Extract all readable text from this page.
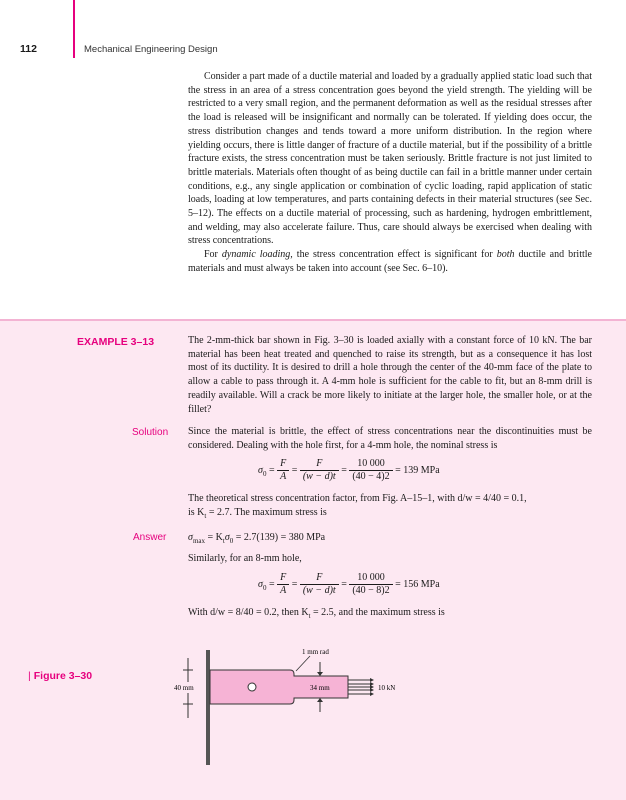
112	Mechanical Engineering Design

Consider a part made of a ductile material and loaded by a gradually applied static load such that the stress in an area of a stress concentration goes beyond the yield strength. The yielding will be restricted to a very small region, and the permanent deformation as well as the residual stresses after the load is released will be insignificant and normally can be tolerated. If yielding does occur, the stress distribution changes and tends toward a more uniform distribution. In the region where yielding occurs, there is little danger of fracture of a ductile material, but if the possibility of a brittle fracture exists, the stress concentration must be taken seriously. Brittle fracture is not just limited to brittle materials. Materials often thought of as being ductile can fail in a brittle manner under certain conditions, e.g., any single application or combination of cyclic loading, rapid application of static loads, loading at low temperatures, and parts containing defects in their material structures (see Sec. 5–12). The effects on a ductile material of processing, such as hardening, hydrogen embrittlement, and welding, may also accelerate failure. Thus, care should always be exercised when dealing with stress concentrations.

For dynamic loading, the stress concentration effect is significant for both ductile and brittle materials and must always be taken into account (see Sec. 6–10).

EXAMPLE 3–13	The 2-mm-thick bar shown in Fig. 3–30 is loaded axially with a constant force of 10 kN. The bar material has been heat treated and quenched to raise its strength, but as a consequence it has lost most of its ductility. It is desired to drill a hole through the center of the 40-mm face of the plate to allow a cable to pass through it. A 4-mm hole is sufficient for the cable to fit, but an 8-mm drill is readily available. Will a crack be more likely to initiate at the larger hole, the smaller hole, or at the fillet?
Solution Since the material is brittle, the effect of stress concentrations near the discontinuities must be considered. Dealing with the hole first, for a 4-mm hole, the nominal stress is
$\sigma_0 = \frac{F}{A} = \frac{F}{(w - d)t} = \frac{10 000}{(40 - 4)2} = 139$ MPa
The theoretical stress concentration factor, from Fig. A–15–1, with d/w = 4/40 = 0.1,
is $K_t = 2.7$. The maximum stress is
Answer $\sigma_{max} = K_t\sigma_0 = 2.7(139) = 380$ MPa
Similarly, for an 8-mm hole,
$\sigma_0 = \frac{F}{A} = \frac{F}{(w - d)t} = \frac{10 000}{(40 - 8)2} = 156$ MPa
With d/w = 8/40 = 0.2, then $K_t = 2.5$, and the maximum stress is
| Figure 3–30
40 mm	34 mm
1 mm rad
10 kN
